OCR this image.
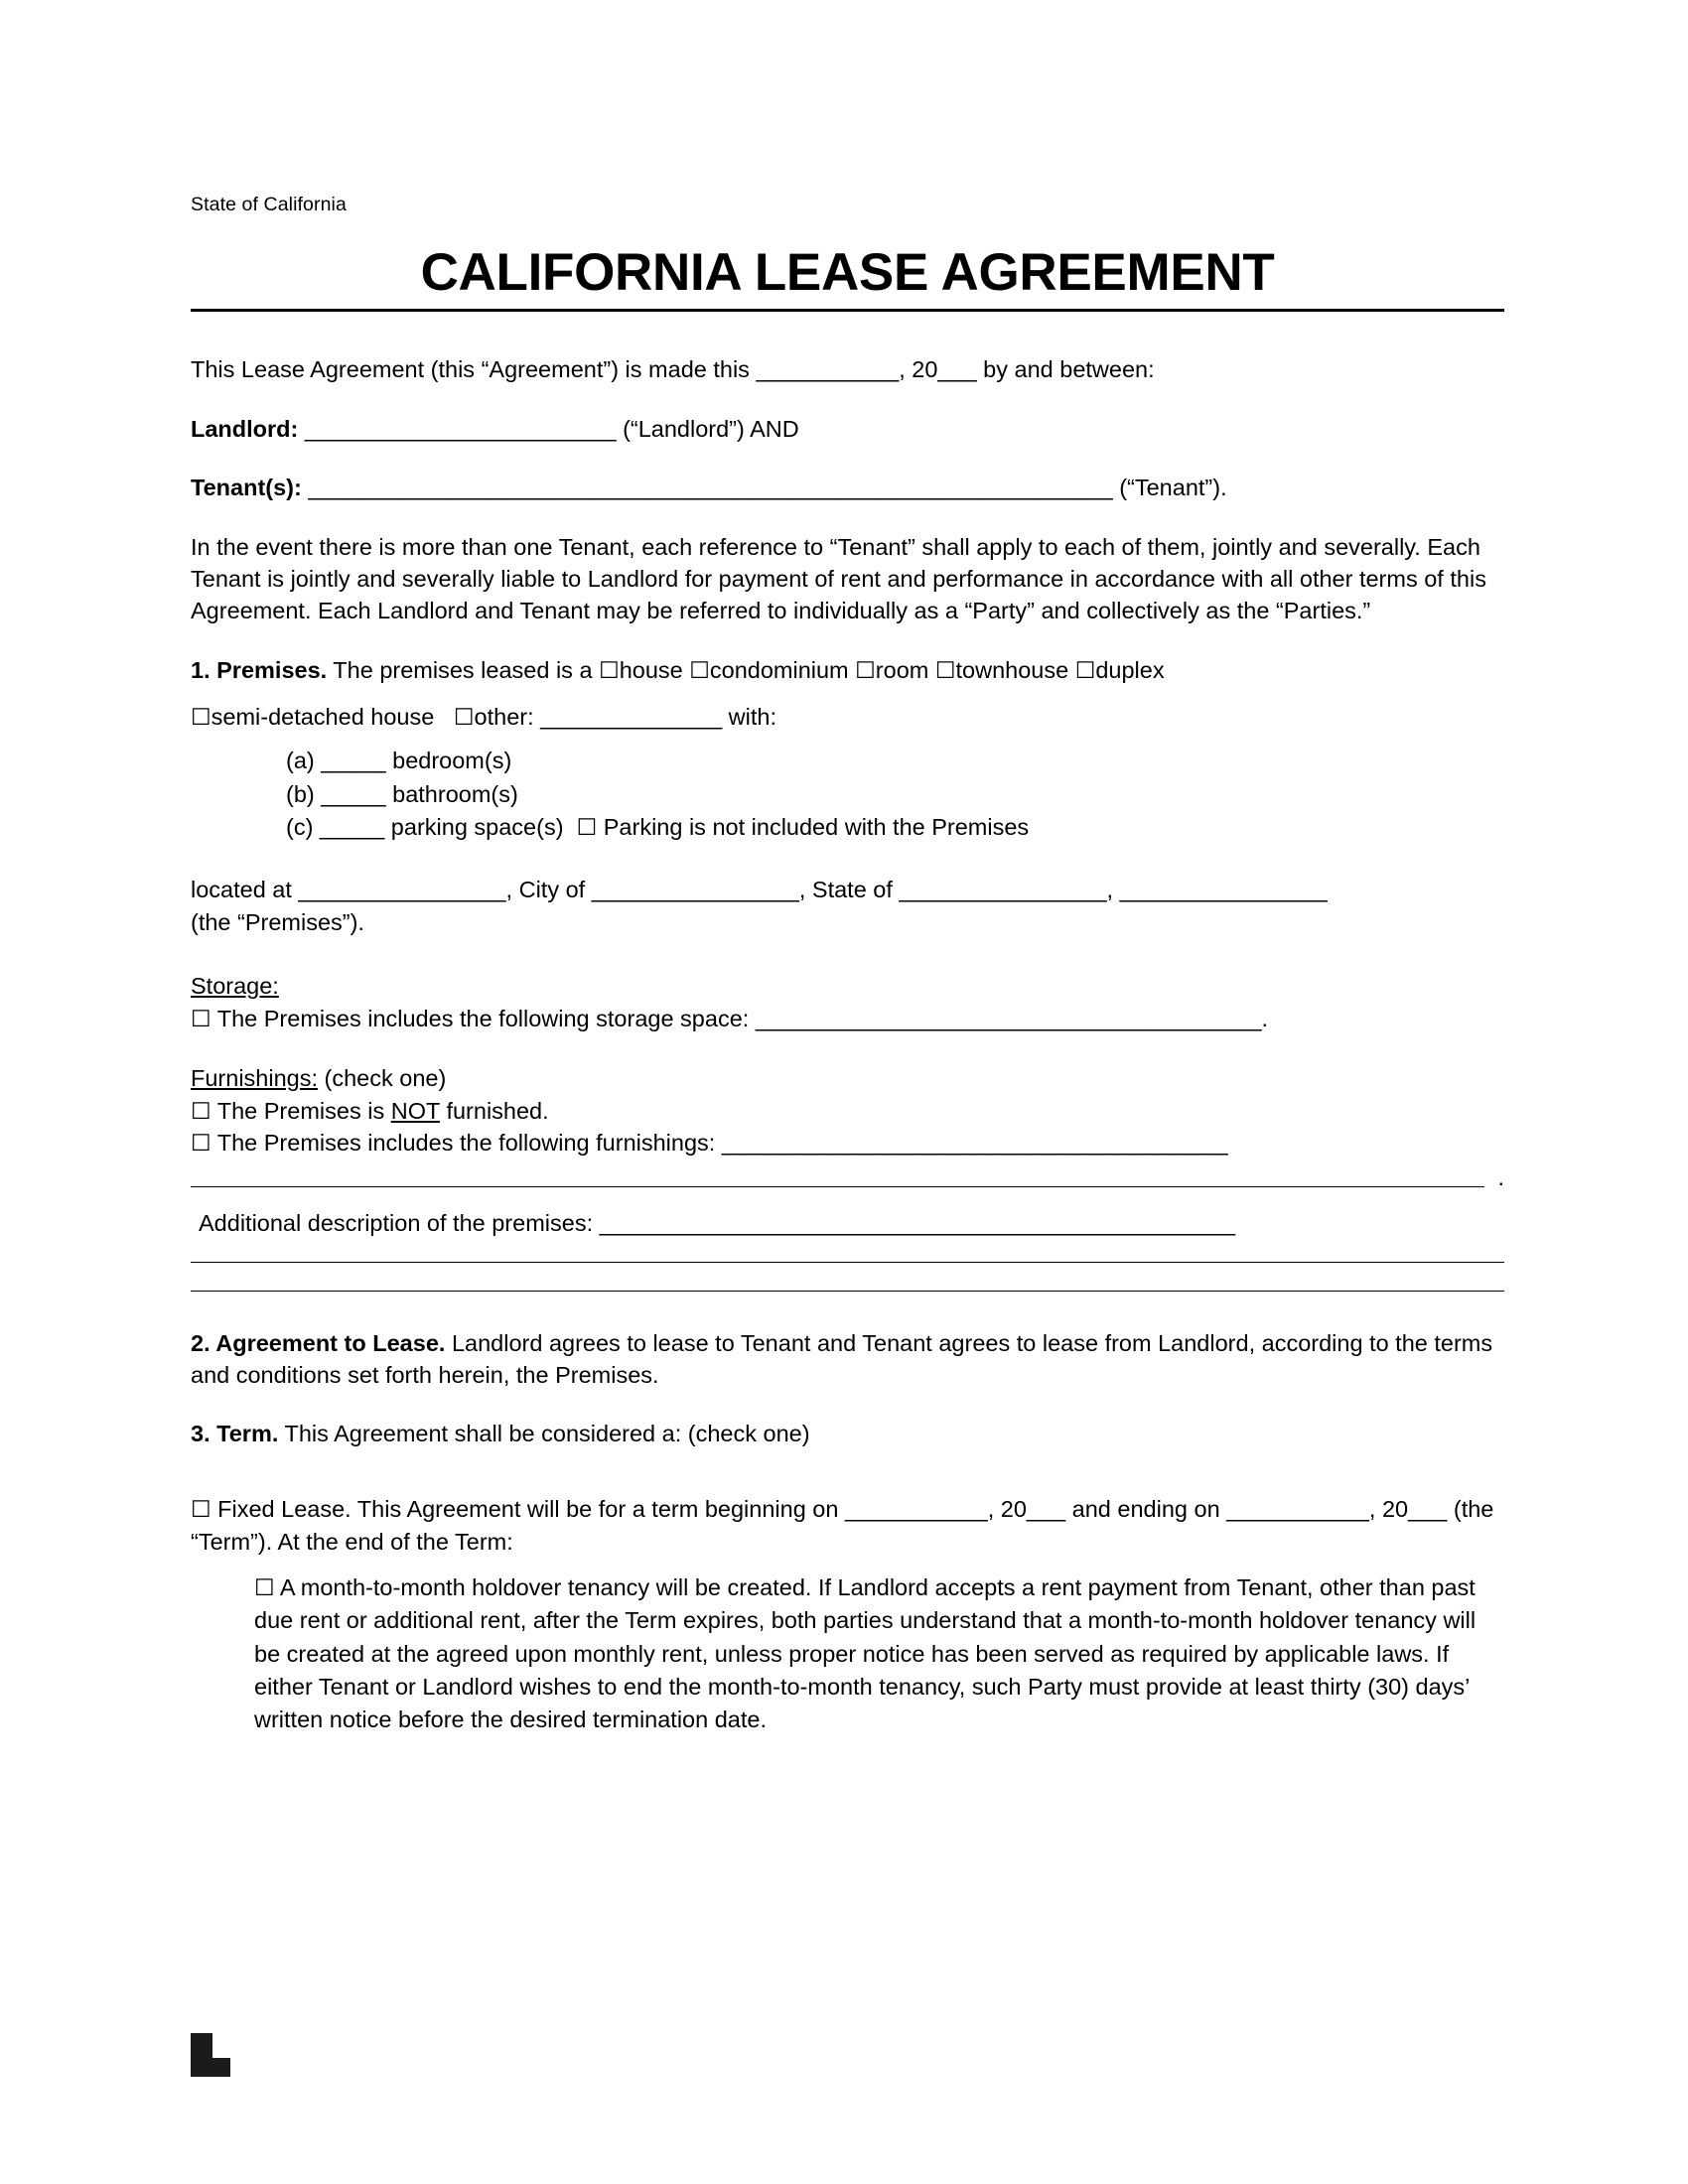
State of California
CALIFORNIA LEASE AGREEMENT

This Lease Agreement (this “Agreement”) is made this ___________, 20___ by and between:

Landlord: ________________________ (“Landlord”) AND

Tenant(s): ______________________________________________________________ (“Tenant”).

In the event there is more than one Tenant, each reference to “Tenant” shall apply to each of them, jointly and severally. Each Tenant is jointly and severally liable to Landlord for payment of rent and performance in accordance with all other terms of this Agreement. Each Landlord and Tenant may be referred to individually as a “Party” and collectively as the “Parties.”

1. Premises. The premises leased is a ☐house ☐condominium ☐room ☐townhouse ☐duplex
☐semi-detached house ☐other: ______________ with:
(a) _____ bedroom(s)
(b) _____ bathroom(s)
(c) _____ parking space(s) ☐ Parking is not included with the Premises
located at ________________, City of ________________, State of ________________, ________________
(the “Premises”).
Storage:
☐ The Premises includes the following storage space: _______________________________________.
Furnishings: (check one)
☐ The Premises is NOT furnished.
☐ The Premises includes the following furnishings: _______________________________________
.
Additional description of the premises: _________________________________________________

2. Agreement to Lease. Landlord agrees to lease to Tenant and Tenant agrees to lease from Landlord, according to the terms and conditions set forth herein, the Premises.

3. Term. This Agreement shall be considered a: (check one)

☐ Fixed Lease. This Agreement will be for a term beginning on ___________, 20___ and ending on ___________, 20___ (the “Term”). At the end of the Term:
☐ A month-to-month holdover tenancy will be created. If Landlord accepts a rent payment from Tenant, other than past due rent or additional rent, after the Term expires, both parties understand that a month-to-month holdover tenancy will be created at the agreed upon monthly rent, unless proper notice has been served as required by applicable laws. If either Tenant or Landlord wishes to end the month-to-month tenancy, such Party must provide at least thirty (30) days’ written notice before the desired termination date.
